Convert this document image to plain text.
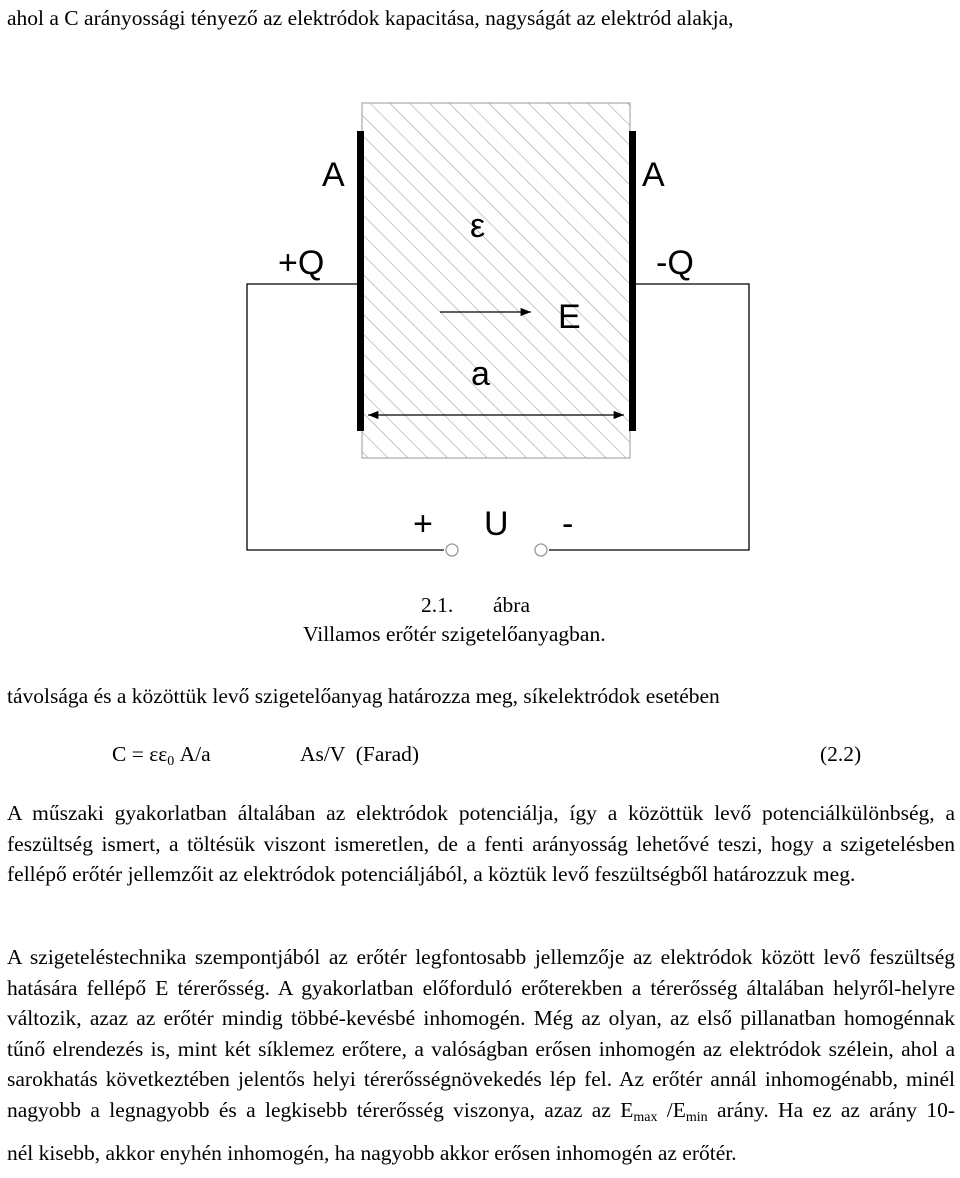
ahol a C arányossági tényező az elektródok kapacitása, nagyságát az elektród alakja,
A	A
+Q	-Q
ε
E
a
+ U -
2.1. ábra
Villamos erőtér szigetelőanyagban.
távolsága és a közöttük levő szigetelőanyag határozza meg, síkelektródok esetében
$C = \varepsilon\varepsilon_0$ A/a	As/V  (Farad)	(2.2)
A műszaki gyakorlatban általában az elektródok potenciálja, így a közöttük levő potenciálkülönbség, a feszültség ismert, a töltésük viszont ismeretlen, de a fenti arányosság lehetővé teszi, hogy a szigetelésben fellépő erőtér jellemzőit az elektródok potenciáljából, a köztük levő feszültségből határozzuk meg.
A szigeteléstechnika szempontjából az erőtér legfontosabb jellemzője az elektródok között levő feszültség hatására fellépő E térerősség. A gyakorlatban előforduló erőterekben a térerősség általában helyről-helyre változik, azaz az erőtér mindig többé-kevésbé inhomogén. Még az olyan, az első pillanatban homogénnak tűnő elrendezés is, mint két síklemez erőtere, a valóságban erősen inhomogén az elektródok szélein, ahol a sarokhatás következtében jelentős helyi térerősségnövekedés lép fel. Az erőtér annál inhomogénabb, minél nagyobb a legnagyobb és a legkisebb térerősség viszonya, azaz az $E_{max}$ $/E_{min}$ arány. Ha ez az arány 10-
nél kisebb, akkor enyhén inhomogén, ha nagyobb akkor erősen inhomogén az erőtér.
